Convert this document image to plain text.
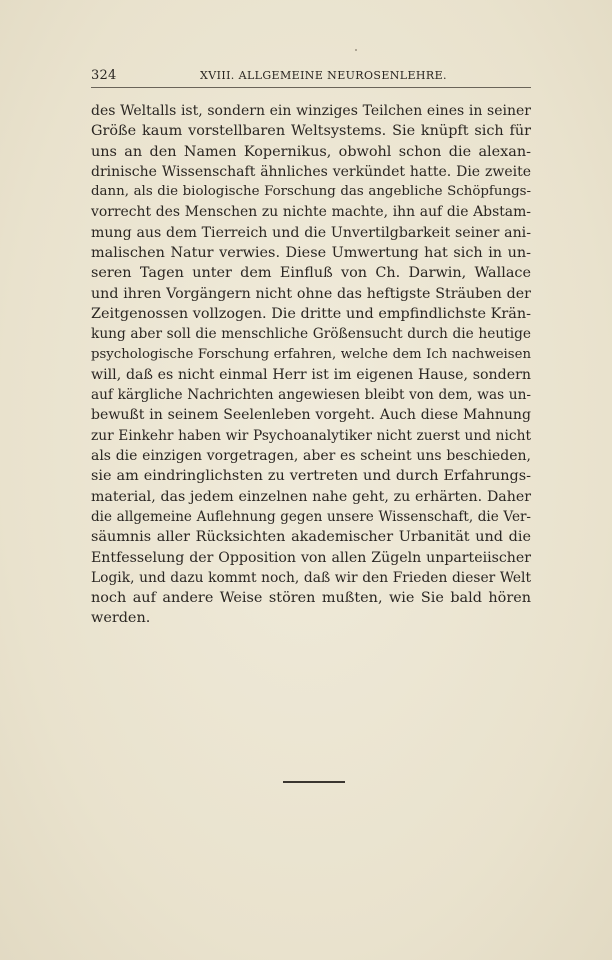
324	XVIII. ALLGEMEINE NEUROSENLEHRE.
des Weltalls ist, sondern ein winziges Teilchen eines in seiner
Größe kaum vorstellbaren Weltsystems. Sie knüpft sich für
uns an den Namen Kopernikus, obwohl schon die alexan-
drinische Wissenschaft ähnliches verkündet hatte. Die zweite
dann, als die biologische Forschung das angebliche Schöpfungs-
vorrecht des Menschen zu nichte machte, ihn auf die Abstam-
mung aus dem Tierreich und die Unvertilgbarkeit seiner ani-
malischen Natur verwies. Diese Umwertung hat sich in un-
seren Tagen unter dem Einfluß von Ch. Darwin, Wallace
und ihren Vorgängern nicht ohne das heftigste Sträuben der
Zeitgenossen vollzogen. Die dritte und empfindlichste Krän-
kung aber soll die menschliche Größensucht durch die heutige
psychologische Forschung erfahren, welche dem Ich nachweisen
will, daß es nicht einmal Herr ist im eigenen Hause, sondern
auf kärgliche Nachrichten angewiesen bleibt von dem, was un-
bewußt in seinem Seelenleben vorgeht. Auch diese Mahnung
zur Einkehr haben wir Psychoanalytiker nicht zuerst und nicht
als die einzigen vorgetragen, aber es scheint uns beschieden,
sie am eindringlichsten zu vertreten und durch Erfahrungs-
material, das jedem einzelnen nahe geht, zu erhärten. Daher
die allgemeine Auflehnung gegen unsere Wissenschaft, die Ver-
säumnis aller Rücksichten akademischer Urbanität und die
Entfesselung der Opposition von allen Zügeln unparteiischer
Logik, und dazu kommt noch, daß wir den Frieden dieser Welt
noch auf andere Weise stören mußten, wie Sie bald hören
werden.
